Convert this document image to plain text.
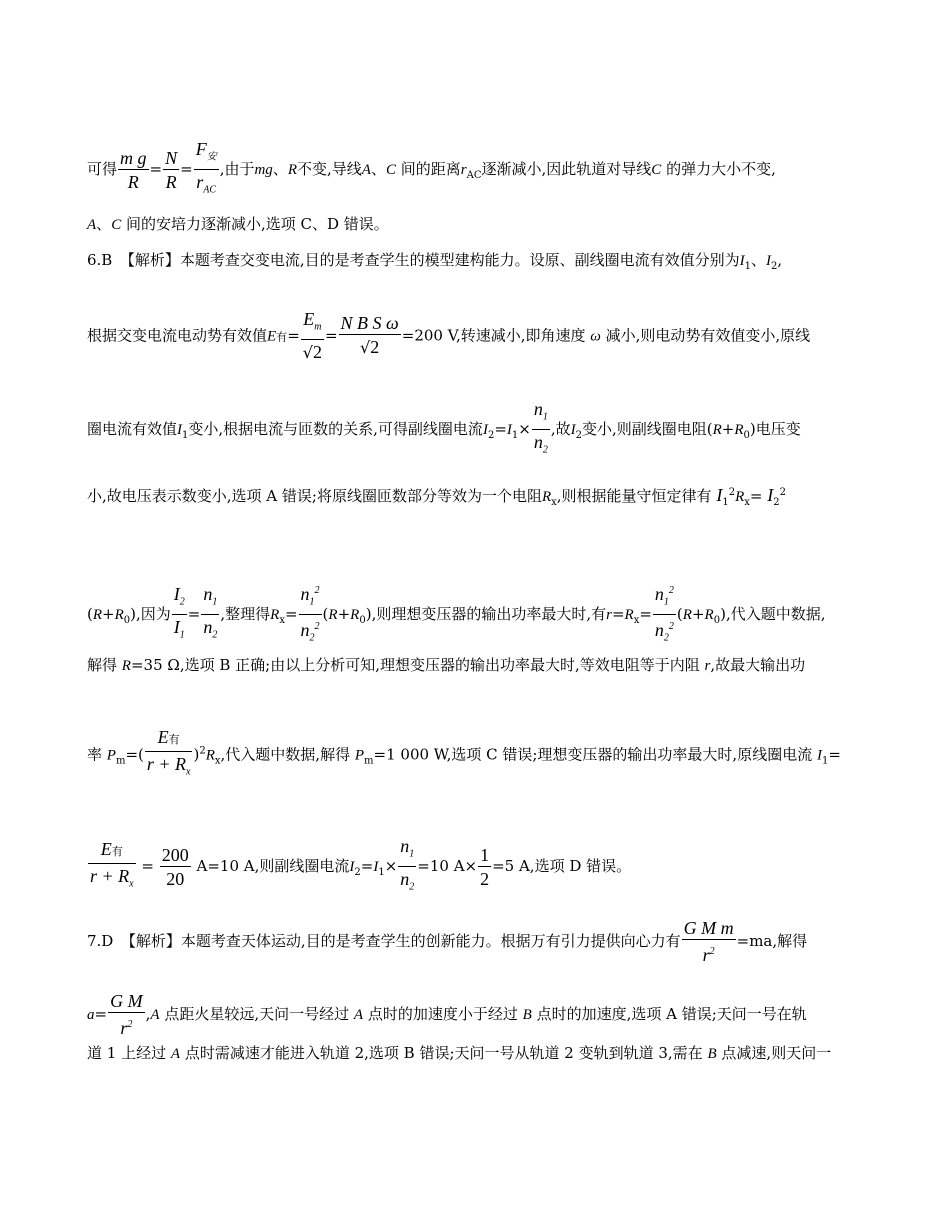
可得 $\frac{\text{m g}}{R} = \frac{N}{R} = \frac{F_安}{r_{AC}}$ ,由于mg、R不变,导线A、C 间的距离$r_{AC}$逐渐减小,因此轨道对导线C 的弹力大小不变,
A、C 间的安培力逐渐减小,选项 C、D 错误。
6.B　【解析】本题考查交变电流,目的是考查学生的模型建构能力。设原、副线圈电流有效值分别为$I_1$、$I_2$,
根据交变电流电动势有效值E有= $\frac{E_m}{√2} = \frac{\text{N B S ω}}{√2} =200$ V,转速减小,即角速度 ω 减小,则电动势有效值变小,原线
圈电流有效值$I_1$变小,根据电流与匝数的关系,可得副线圈电流$I_2=I_1\times \frac{n_1}{n_2}$ ,故$I_2$变小,则副线圈电阻$(R+R_0)$电压变
小,故电压表示数变小,选项 A 错误;将原线圈匝数部分等效为一个电阻$R_x$,则根据能量守恒定律有 $I_1^2R_x= I_2^2$
$(R+R_0)$,因为 $\frac{I_2}{I_1} = \frac{n_1}{n_2}$ ,整理得$R_x= \frac{n_1^2}{n_2^2} (R+R_0)$,则理想变压器的输出功率最大时,有$r=R_x= \frac{n_1^2}{n_2^2} (R+R_0)$,代入题中数据,
解得 R=35 Ω,选项 B 正确;由以上分析可知,理想变压器的输出功率最大时,等效电阻等于内阻 r,故最大输出功
率 $P_m=( \frac{\text{E有}}{r + R_x} )^2R_x$,代入题中数据,解得 $P_m=1$ 000 W,选项 C 错误;理想变压器的输出功率最大时,原线圈电流 $I_1=$
$\frac{\text{E有}}{r + R_x} = \frac{200}{20} A=10$ A,则副线圈电流$I_2=I_1\times \frac{n_1}{n_2} =10$ $A\times \frac{1}{2} =5$ A,选项 D 错误。
7.D　【解析】本题考查天体运动,目的是考查学生的创新能力。根据万有引力提供向心力有 $\frac{\text{G M m}}{r^2} =ma$,解得
$a= \frac{\text{G M}}{r^2} ,A$ 点距火星较远,天问一号经过 A 点时的加速度小于经过 B 点时的加速度,选项 A 错误;天问一号在轨
道 1 上经过 A 点时需减速才能进入轨道 2,选项 B 错误;天问一号从轨道 2 变轨到轨道 3,需在 B 点减速,则天问一
